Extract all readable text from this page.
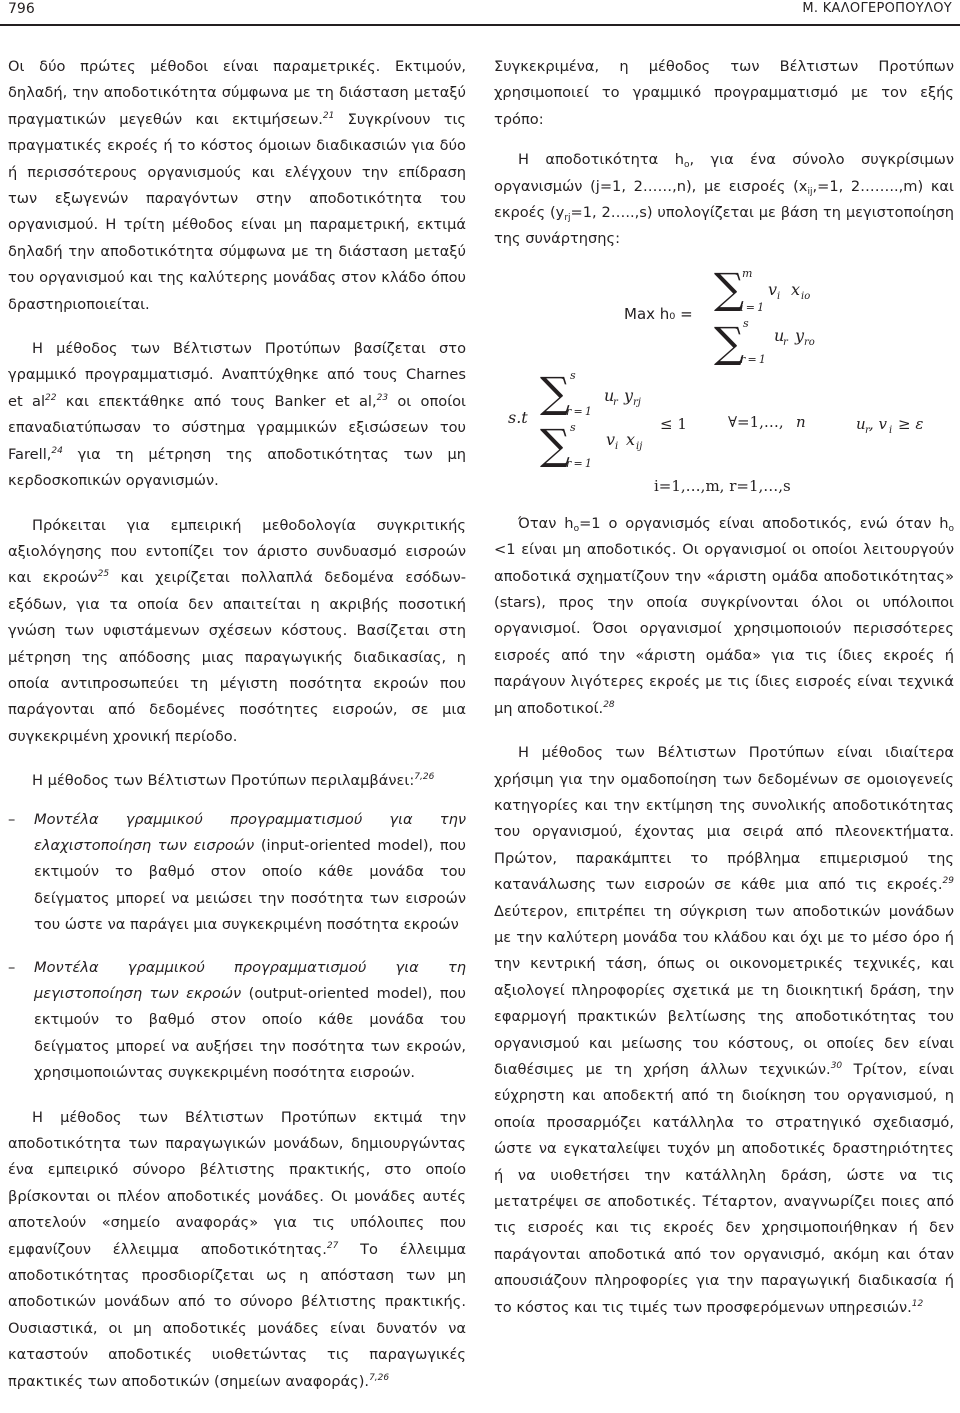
796	Μ. ΚΑΛΟΓΕΡΟΠΟΥΛΟΥ

Οι δύο πρώτες μέθοδοι είναι παραμετρικές. Εκτιμούν, δηλαδή, την αποδοτικότητα σύμφωνα με τη διάσταση μεταξύ πραγματικών μεγεθών και εκτιμήσεων.$^{21}$ Συγκρίνουν τις πραγματικές εκροές ή το κόστος όμοιων διαδικασιών για δύο ή περισσότερους οργανισμούς και ελέγχουν την επίδραση των εξωγενών παραγόντων στην αποδοτικότητα του οργανισμού. Η τρίτη μέθοδος είναι μη παραμετρική, εκτιμά δηλαδή την αποδοτικότητα σύμφωνα με τη διάσταση μεταξύ του οργανισμού και της καλύτερης μονάδας στον κλάδο όπου δραστηριοποιείται.

Η μέθοδος των Βέλτιστων Προτύπων βασίζεται στο γραμμικό προγραμματισμό. Αναπτύχθηκε από τους Charnes et $al^{22}$ και επεκτάθηκε από τους Banker et al,$^{23}$ οι οποίοι επαναδιατύπωσαν το σύστημα γραμμικών εξισώσεων του Farell,$^{24}$ για τη μέτρηση της αποδοτικότητας των μη κερδοσκοπικών οργανισμών.

Πρόκειται για εμπειρική μεθοδολογία συγκριτικής αξιολόγησης που εντοπίζει τον άριστο συνδυασμό εισροών και εκροών$^{25}$ και χειρίζεται πολλαπλά δεδομένα εσόδων-εξόδων, για τα οποία δεν απαιτείται η ακριβής ποσοτική γνώση των υφιστάμενων σχέσεων κόστους. Βασίζεται στη μέτρηση της απόδοσης μιας παραγωγικής διαδικασίας, η οποία αντιπροσωπεύει τη μέγιστη ποσότητα εκροών που παράγονται από δεδομένες ποσότητες εισροών, σε μια συγκεκριμένη χρονική περίοδο.

Η μέθοδος των Βέλτιστων Προτύπων περιλαμβάνει:$^{7,26}$

– Μοντέλα γραμμικού προγραμματισμού για την ελαχιστοποίηση των εισροών (input-oriented model), που εκτιμούν το βαθμό στον οποίο κάθε μονάδα του δείγματος μπορεί να μειώσει την ποσότητα των εισροών του ώστε να παράγει μια συγκεκριμένη ποσότητα εκροών
– Μοντέλα γραμμικού προγραμματισμού για τη μεγιστοποίηση των εκροών (output-oriented model), που εκτιμούν το βαθμό στον οποίο κάθε μονάδα του δείγματος μπορεί να αυξήσει την ποσότητα των εκροών, χρησιμοποιώντας συγκεκριμένη ποσότητα εισροών.

Η μέθοδος των Βέλτιστων Προτύπων εκτιμά την αποδοτικότητα των παραγωγικών μονάδων, δημιουργώντας ένα εμπειρικό σύνορο βέλτιστης πρακτικής, στο οποίο βρίσκονται οι πλέον αποδοτικές μονάδες. Οι μονάδες αυτές αποτελούν «σημείο αναφοράς» για τις υπόλοιπες που εμφανίζουν έλλειμμα αποδοτικότητας.$^{27}$ Το έλλειμμα αποδοτικότητας προσδιορίζεται ως η απόσταση των μη αποδοτικών μονάδων από το σύνορο βέλτιστης πρακτικής. Ουσιαστικά, οι μη αποδοτικές μονάδες είναι δυνατόν να καταστούν αποδοτικές υιοθετώντας τις παραγωγικές πρακτικές των αποδοτικών (σημείων αναφοράς).$^{7,26}$

Συγκεκριμένα, η μέθοδος των Βέλτιστων Προτύπων χρησιμοποιεί το γραμμικό προγραμματισμό με τον εξής τρόπο:

Η αποδοτικότητα $h_o$, για ένα σύνολο συγκρίσιμων οργανισμών (j=1, 2……,n), με εισροές ($x_{ij},=1$, 2……..,m) και εκροές ($y_{rj}=1$, 2…..,s) υπολογίζεται με βάση τη μεγιστοποίηση της συνάρτησης:

Max h₀ =
∑
m
i = 1
v i x io
∑ s
r = 1
u
r y ro
s.t
∑ s
r = 1
u
r y rj
∑ s
r = 1
v i x ij
≤ 1	∀=1,…, n	u r , v i ≥ ε
i=1,…,m, r=1,…,s

Όταν $h_o=1$ ο οργανισμός είναι αποδοτικός, ενώ όταν $h_o <1$ είναι μη αποδοτικός. Οι οργανισμοί οι οποίοι λειτουργούν αποδοτικά σχηματίζουν την «άριστη ομάδα αποδοτικότητας» (stars), προς την οποία συγκρίνονται όλοι οι υπόλοιποι οργανισμοί. Όσοι οργανισμοί χρησιμοποιούν περισσότερες εισροές από την «άριστη ομάδα» για τις ίδιες εκροές ή παράγουν λιγότερες εκροές με τις ίδιες εισροές είναι τεχνικά μη αποδοτικοί.$^{28}$

Η μέθοδος των Βέλτιστων Προτύπων είναι ιδιαίτερα χρήσιμη για την ομαδοποίηση των δεδομένων σε ομοιογενείς κατηγορίες και την εκτίμηση της συνολικής αποδοτικότητας του οργανισμού, έχοντας μια σειρά από πλεονεκτήματα. Πρώτον, παρακάμπτει το πρόβλημα επιμερισμού της κατανάλωσης των εισροών σε κάθε μια από τις εκροές.$^{29}$ Δεύτερον, επιτρέπει τη σύγκριση των αποδοτικών μονάδων με την καλύτερη μονάδα του κλάδου και όχι με το μέσο όρο ή την κεντρική τάση, όπως οι οικονομετρικές τεχνικές, και αξιολογεί πληροφορίες σχετικά με τη διοικητική δράση, την εφαρμογή πρακτικών βελτίωσης της αποδοτικότητας του οργανισμού και μείωσης του κόστους, οι οποίες δεν είναι διαθέσιμες με τη χρήση άλλων τεχνικών.$^{30}$ Τρίτον, είναι εύχρηστη και αποδεκτή από τη διοίκηση του οργανισμού, η οποία προσαρμόζει κατάλληλα το στρατηγικό σχεδιασμό, ώστε να εγκαταλείψει τυχόν μη αποδοτικές δραστηριότητες ή να υιοθετήσει την κατάλληλη δράση, ώστε να τις μετατρέψει σε αποδοτικές. Τέταρτον, αναγνωρίζει ποιες από τις εισροές και τις εκροές δεν χρησιμοποιήθηκαν ή δεν παράγονται αποδοτικά από τον οργανισμό, ακόμη και όταν απουσιάζουν πληροφορίες για την παραγωγική διαδικασία ή το κόστος και τις τιμές των προσφερόμενων υπηρεσιών.$^{12}$
